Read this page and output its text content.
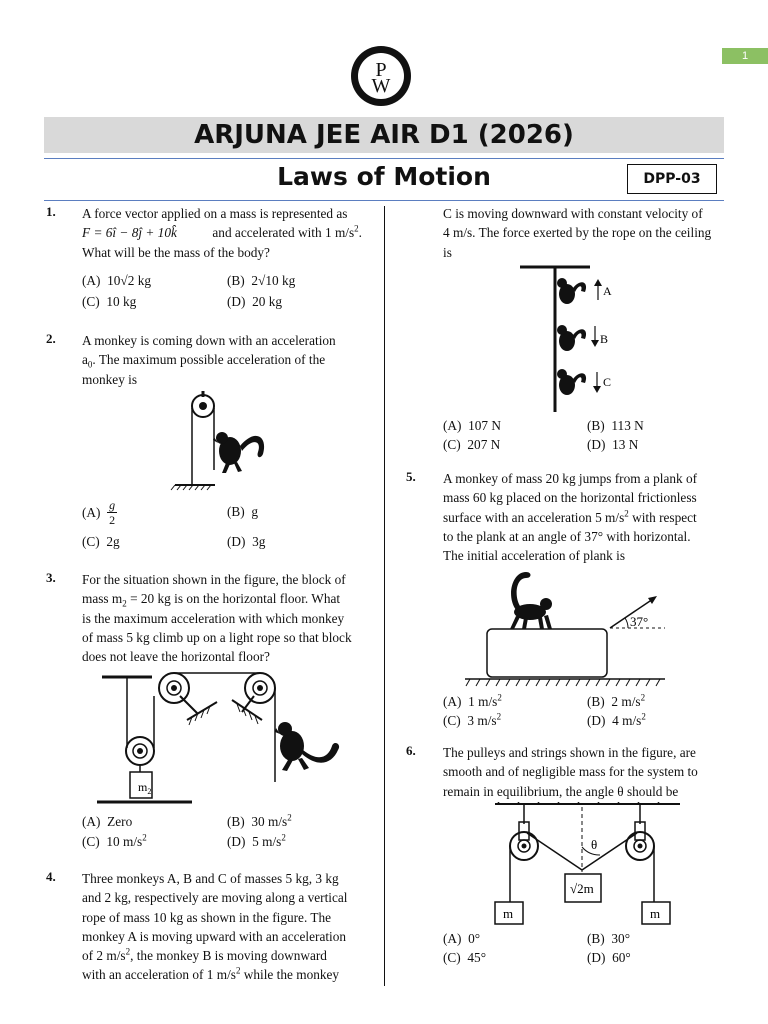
P
W
1
ARJUNA JEE AIR D1 (2026)
Laws of Motion	DPP-03
1. A force vector applied on a mass is represented as
F = 6î − 8ĵ + 10k̂	and accelerated with 1 $m/s^2$.
What will be the mass of the body?
(A) 10√2 kg	(B) 2√10 kg
(C) 10 kg	(D) 20 kg
2. A monkey is coming down with an acceleration
$a_0$. The maximum possible acceleration of the
monkey is
(A)
g
2
(B) g
(C) 2g	(D) 3g
3. For the situation shown in the figure, the block of
mass $m_2 = 20$ kg is on the horizontal floor. What
is the maximum acceleration with which monkey
of mass 5 kg climb up on a light rope so that block
does not leave the horizontal floor?
$m_2$
(A) Zero	(B) 30 $m/s^2$
(C) 10 $m/s^2$	(D) 5 $m/s^2$
4. Three monkeys A, B and C of masses 5 kg, 3 kg
and 2 kg, respectively are moving along a vertical
rope of mass 10 kg as shown in the figure. The
monkey A is moving upward with an acceleration
of 2 $m/s^2$, the monkey B is moving downward
with an acceleration of 1 $m/s^2$ while the monkey
C is moving downward with constant velocity of
4 m/s. The force exerted by the rope on the ceiling
is
A
B
C
(A) 107 N	(B) 113 N
(C) 207 N	(D) 13 N
5. A monkey of mass 20 kg jumps from a plank of
mass 60 kg placed on the horizontal frictionless
surface with an acceleration 5 $m/s^2$ with respect
to the plank at an angle of 37° with horizontal.
The initial acceleration of plank is
37°
(A) 1 $m/s^2$	(B) 2 $m/s^2$
(C) 3 $m/s^2$	(D) 4 $m/s^2$
6. The pulleys and strings shown in the figure, are
smooth and of negligible mass for the system to
remain in equilibrium, the angle θ should be
θ
√2m
m	m
(A) 0°	(B) 30°
(C) 45°	(D) 60°
